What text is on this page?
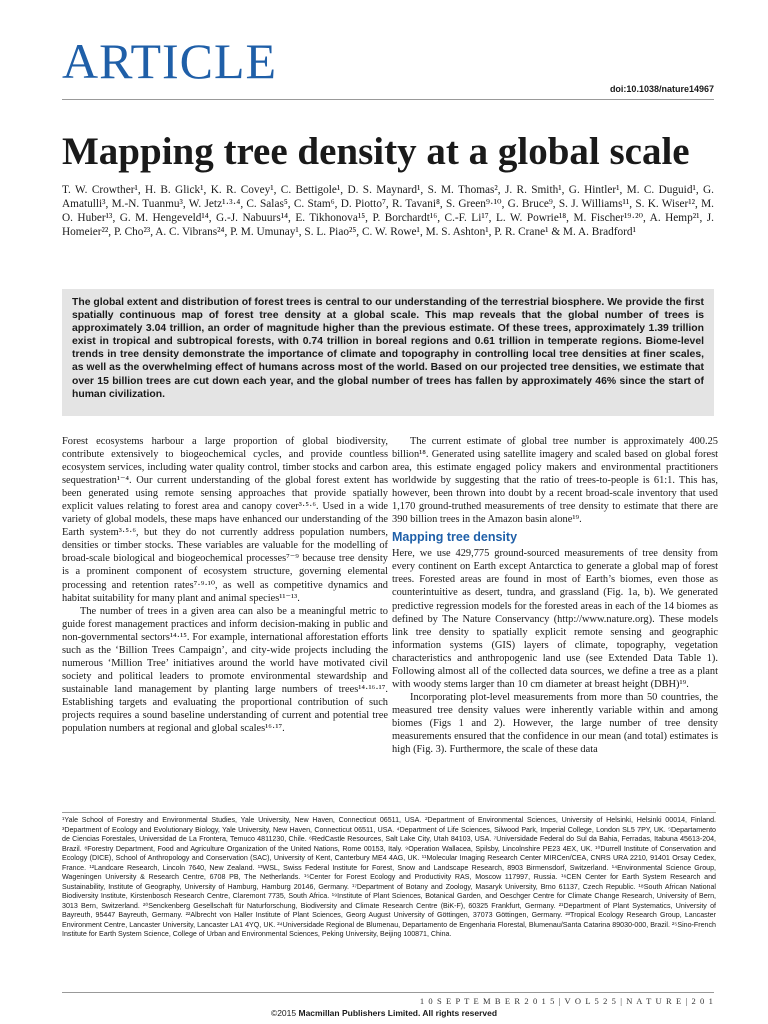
ARTICLE	doi:10.1038/nature14967
Mapping tree density at a global scale
T. W. Crowther¹, H. B. Glick¹, K. R. Covey¹, C. Bettigole¹, D. S. Maynard¹, S. M. Thomas², J. R. Smith¹, G. Hintler¹, M. C. Duguid¹, G. Amatulli³, M.-N. Tuanmu³, W. Jetz¹·³·⁴, C. Salas⁵, C. Stam⁶, D. Piotto⁷, R. Tavani⁸, S. Green⁹·¹⁰, G. Bruce⁹, S. J. Williams¹¹, S. K. Wiser¹², M. O. Huber¹³, G. M. Hengeveld¹⁴, G.-J. Nabuurs¹⁴, E. Tikhonova¹⁵, P. Borchardt¹⁶, C.-F. Li¹⁷, L. W. Powrie¹⁸, M. Fischer¹⁹·²⁰, A. Hemp²¹, J. Homeier²², P. Cho²³, A. C. Vibrans²⁴, P. M. Umunay¹, S. L. Piao²⁵, C. W. Rowe¹, M. S. Ashton¹, P. R. Crane¹ & M. A. Bradford¹
The global extent and distribution of forest trees is central to our understanding of the terrestrial biosphere. We provide the first spatially continuous map of forest tree density at a global scale. This map reveals that the global number of trees is approximately 3.04 trillion, an order of magnitude higher than the previous estimate. Of these trees, approximately 1.39 trillion exist in tropical and subtropical forests, with 0.74 trillion in boreal regions and 0.61 trillion in temperate regions. Biome-level trends in tree density demonstrate the importance of climate and topography in controlling local tree densities at finer scales, as well as the overwhelming effect of humans across most of the world. Based on our projected tree densities, we estimate that over 15 billion trees are cut down each year, and the global number of trees has fallen by approximately 46% since the start of human civilization.

Forest ecosystems harbour a large proportion of global biodiversity, contribute extensively to biogeochemical cycles, and provide countless ecosystem services, including water quality control, timber stocks and carbon sequestration¹⁻⁴. Our current understanding of the global forest extent has been generated using remote sensing approaches that provide spatially explicit values relating to forest area and canopy cover³·⁵·⁶. Used in a wide variety of global models, these maps have enhanced our understanding of the Earth system³·⁵·⁶, but they do not currently address population numbers, densities or timber stocks. These variables are valuable for the modelling of broad-scale biological and biogeochemical processes⁷⁻⁹ because tree density is a prominent component of ecosystem structure, governing elemental processing and retention rates⁷·⁹·¹⁰, as well as competitive dynamics and habitat suitability for many plant and animal species¹¹⁻¹³.

The number of trees in a given area can also be a meaningful metric to guide forest management practices and inform decision-making in public and non-governmental sectors¹⁴·¹⁵. For example, international afforestation efforts such as the ‘Billion Trees Campaign’, and city-wide projects including the numerous ‘Million Tree’ initiatives around the world have motivated civil society and political leaders to promote environmental stewardship and sustainable land management by planting large numbers of trees¹⁴·¹⁶·¹⁷. Establishing targets and evaluating the proportional contribution of such projects requires a sound baseline understanding of current and potential tree population numbers at regional and global scales¹⁶·¹⁷.

The current estimate of global tree number is approximately 400.25 billion¹⁸. Generated using satellite imagery and scaled based on global forest area, this estimate engaged policy makers and environmental practitioners worldwide by suggesting that the ratio of trees-to-people is 61:1. This has, however, been thrown into doubt by a recent broad-scale inventory that used 1,170 ground-truthed measurements of tree density to estimate that there are 390 billion trees in the Amazon basin alone¹⁹.

Mapping tree density

Here, we use 429,775 ground-sourced measurements of tree density from every continent on Earth except Antarctica to generate a global map of forest trees. Forested areas are found in most of Earth’s biomes, even those as counterintuitive as desert, tundra, and grassland (Fig. 1a, b). We generated predictive regression models for the forested areas in each of the 14 biomes as defined by The Nature Conservancy (http://www.nature.org). These models link tree density to spatially explicit remote sensing and geographic information systems (GIS) layers of climate, topography, vegetation characteristics and anthropogenic land use (see Extended Data Table 1). Following almost all of the collected data sources, we define a tree as a plant with woody stems larger than 10 cm diameter at breast height (DBH)¹⁹.

Incorporating plot-level measurements from more than 50 countries, the measured tree density values were inherently variable within and among biomes (Figs 1 and 2). However, the large number of tree density measurements ensured that the confidence in our mean (and total) estimates is high (Fig. 3). Furthermore, the scale of these data

¹Yale School of Forestry and Environmental Studies, Yale University, New Haven, Connecticut 06511, USA. ²Department of Environmental Sciences, University of Helsinki, Helsinki 00014, Finland. ³Department of Ecology and Evolutionary Biology, Yale University, New Haven, Connecticut 06511, USA. ⁴Department of Life Sciences, Silwood Park, Imperial College, London SL5 7PY, UK. ⁵Departamento de Ciencias Forestales, Universidad de La Frontera, Temuco 4811230, Chile. ⁶RedCastle Resources, Salt Lake City, Utah 84103, USA. ⁷Universidade Federal do Sul da Bahia, Ferradas, Itabuna 45613-204, Brazil. ⁸Forestry Department, Food and Agriculture Organization of the United Nations, Rome 00153, Italy. ⁹Operation Wallacea, Spilsby, Lincolnshire PE23 4EX, UK. ¹⁰Durrell Institute of Conservation and Ecology (DICE), School of Anthropology and Conservation (SAC), University of Kent, Canterbury ME4 4AG, UK. ¹¹Molecular Imaging Research Center MIRCen/CEA, CNRS URA 2210, 91401 Orsay Cedex, France. ¹²Landcare Research, Lincoln 7640, New Zealand. ¹³WSL, Swiss Federal Institute for Forest, Snow and Landscape Research, 8903 Birmensdorf, Switzerland. ¹⁴Environmental Science Group, Wageningen University & Research Centre, 6708 PB, The Netherlands. ¹⁵Center for Forest Ecology and Productivity RAS, Moscow 117997, Russia. ¹⁶CEN Center for Earth System Research and Sustainability, Institute of Geography, University of Hamburg, Hamburg 20146, Germany. ¹⁷Department of Botany and Zoology, Masaryk University, Brno 61137, Czech Republic. ¹⁸South African National Biodiversity Institute, Kirstenbosch Research Centre, Claremont 7735, South Africa. ¹⁹Institute of Plant Sciences, Botanical Garden, and Oeschger Centre for Climate Change Research, University of Bern, 3013 Bern, Switzerland. ²⁰Senckenberg Gesellschaft für Naturforschung, Biodiversity and Climate Research Centre (BiK-F), 60325 Frankfurt, Germany. ²¹Department of Plant Systematics, University of Bayreuth, 95447 Bayreuth, Germany. ²²Albrecht von Haller Institute of Plant Sciences, Georg August University of Göttingen, 37073 Göttingen, Germany. ²³Tropical Ecology Research Group, Lancaster Environment Centre, Lancaster University, Lancaster LA1 4YQ, UK. ²⁴Universidade Regional de Blumenau, Departamento de Engenharia Florestal, Blumenau/Santa Catarina 89030-000, Brazil. ²⁵Sino-French Institute for Earth System Science, College of Urban and Environmental Sciences, Peking University, Beijing 100871, China.
1 0 S E P T E M B E R 2 0 1 5 | V O L 5 2 5 | N A T U R E | 2 0 1
©2015 Macmillan Publishers Limited. All rights reserved
